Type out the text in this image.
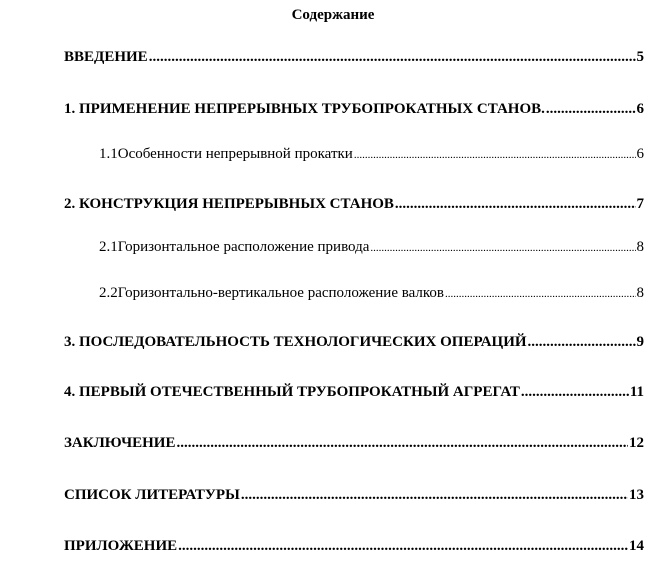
Содержание
ВВЕДЕНИЕ .....	5
1. ПРИМЕНЕНИЕ НЕПРЕРЫВНЫХ ТРУБОПРОКАТНЫХ СТАНОВ. .....	6
1.1 Особенности непрерывной прокатки .....	6
2. КОНСТРУКЦИЯ НЕПРЕРЫВНЫХ СТАНОВ .....	7
2.1 Горизонтальное расположение привода .....	8
2.2 Горизонтально-вертикальное расположение валков .....	8
3. ПОСЛЕДОВАТЕЛЬНОСТЬ ТЕХНОЛОГИЧЕСКИХ ОПЕРАЦИЙ .....	9
4. ПЕРВЫЙ ОТЕЧЕСТВЕННЫЙ ТРУБОПРОКАТНЫЙ АГРЕГАТ .....	11
ЗАКЛЮЧЕНИЕ .....	12
СПИСОК ЛИТЕРАТУРЫ .....	13
ПРИЛОЖЕНИЕ .....	14
